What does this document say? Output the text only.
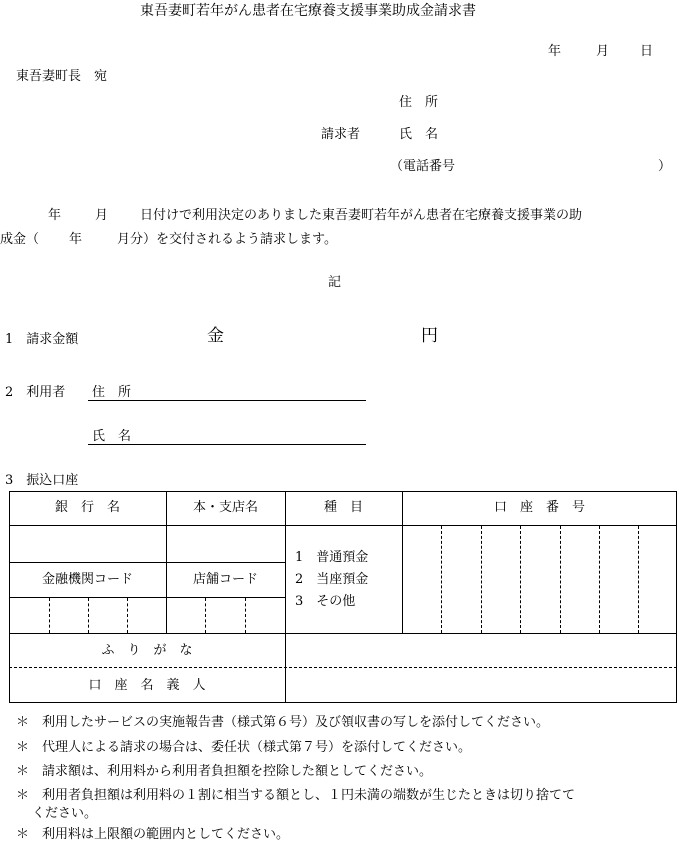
東吾妻町若年がん患者在宅療養支援事業助成金請求書
年	月 日
東吾妻町長　宛
住　所
請求者	氏　名
（電話番号	）
年	月 日付けで利用決定のありました東吾妻町若年がん患者在宅療養支援事業の助
成金（ 年	月分）を交付されるよう請求します。
記
1　請求金額	金	円
2　利用者 住　所
氏　名
3　振込口座
銀　行　名	本・支店名	種　目	口　座　番　号
金融機関コード	店舗コード
1　普通預金
2　当座預金
3　その他
ふ　り　が　な
口　座　名　義　人
＊　利用したサービスの実施報告書（様式第６号）及び領収書の写しを添付してください。
＊　代理人による請求の場合は、委任状（様式第７号）を添付してください。
＊　請求額は、利用料から利用者負担額を控除した額としてください。
＊　利用者負担額は利用料の１割に相当する額とし、１円未満の端数が生じたときは切り捨てて
ください。
＊　利用料は上限額の範囲内としてください。
